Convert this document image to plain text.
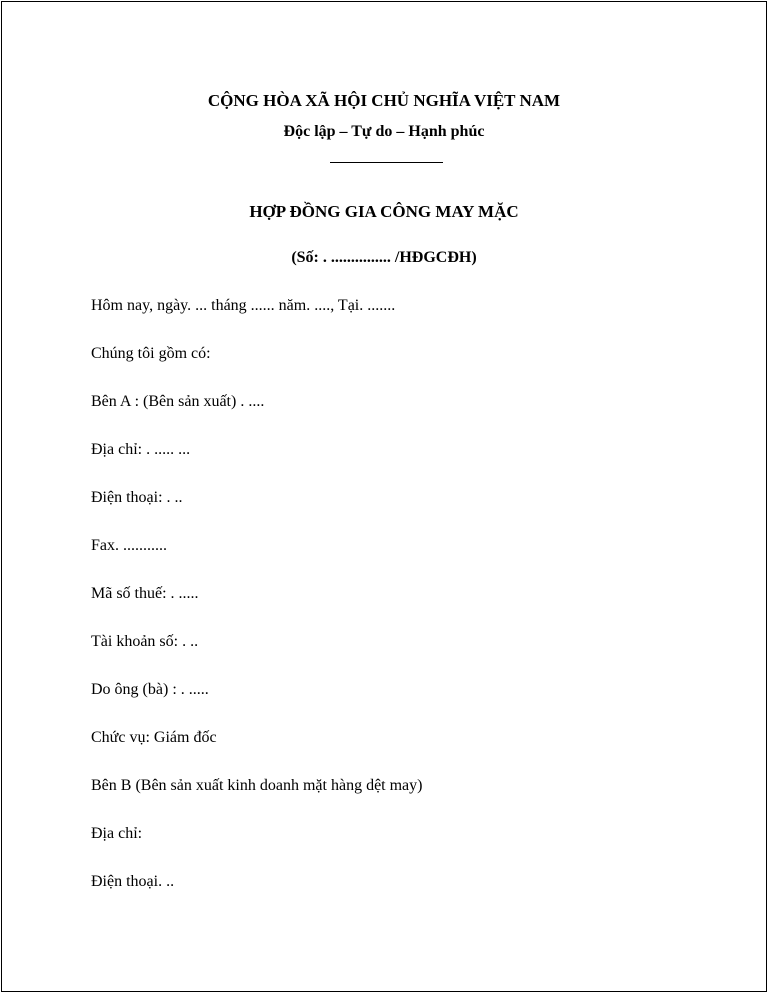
CỘNG HÒA XÃ HỘI CHỦ NGHĨA VIỆT NAM
Độc lập – Tự do – Hạnh phúc
HỢP ĐỒNG GIA CÔNG MAY MẶC
(Số: . ............... /HĐGCĐH)
Hôm nay, ngày. ... tháng ...... năm. ...., Tại. .......
Chúng tôi gồm có:
Bên A : (Bên sản xuất) . ....
Địa chỉ: . ..... ...
Điện thoại: . ..
Fax. ...........
Mã số thuế: . .....
Tài khoản số: . ..
Do ông (bà) : . .....
Chức vụ: Giám đốc
Bên B (Bên sản xuất kinh doanh mặt hàng dệt may)
Địa chỉ:
Điện thoại. ..
